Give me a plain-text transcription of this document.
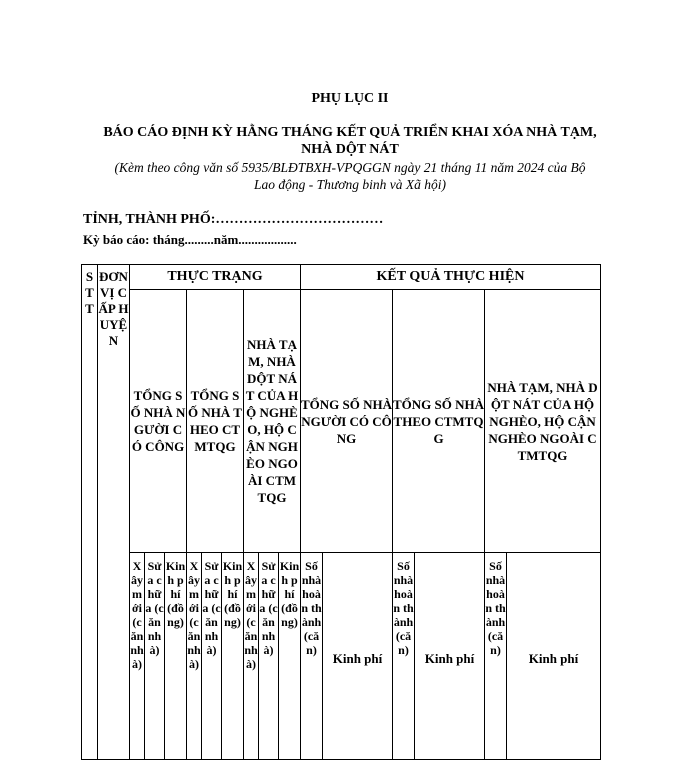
PHỤ LỤC II
BÁO CÁO ĐỊNH KỲ HẰNG THÁNG KẾT QUẢ TRIỂN KHAI XÓA NHÀ TẠM,
NHÀ DỘT NÁT
(Kèm theo công văn số 5935/BLĐTBXH-VPQGGN ngày 21 tháng 11 năm 2024 của Bộ
Lao động - Thương binh và Xã hội)
TỈNH, THÀNH PHỐ:………………………………
Kỳ báo cáo: tháng.........năm..................
STT	ĐƠN VỊ CẤP HUYỆN	THỰC TRẠNG									KẾT QUẢ THỰC HIỆN					
		TỔNG SỐ NHÀ NGƯỜI CÓ CÔNG			TỔNG SỐ NHÀ THEO CTMTQG			NHÀ TẠM, NHÀ DỘT NÁT CỦA HỘ NGHÈO, HỘ CẬN NGHÈO NGOÀI CTMTQG			TỔNG SỐ NHÀ NGƯỜI CÓ CÔNG		TỔNG SỐ NHÀ THEO CTMTQG		NHÀ TẠM, NHÀ DỘT NÁT CỦA HỘ NGHÈO, HỘ CẬN NGHÈO NGOÀI CTMTQG	
		Xây mới (căn nhà)	Sửa chữa (căn nhà)	Kinh phí (đồng)	Xây mới (căn nhà)	Sửa chữa (căn nhà)	Kinh phí (đồng)	Xây mới (căn nhà)	Sửa chữa (căn nhà)	Kinh phí (đồng)	Số nhà hoàn thành (căn)	Kinh phí	Số nhà hoàn thành (căn)	Kinh phí	Số nhà hoàn thành (căn)	Kinh phí
